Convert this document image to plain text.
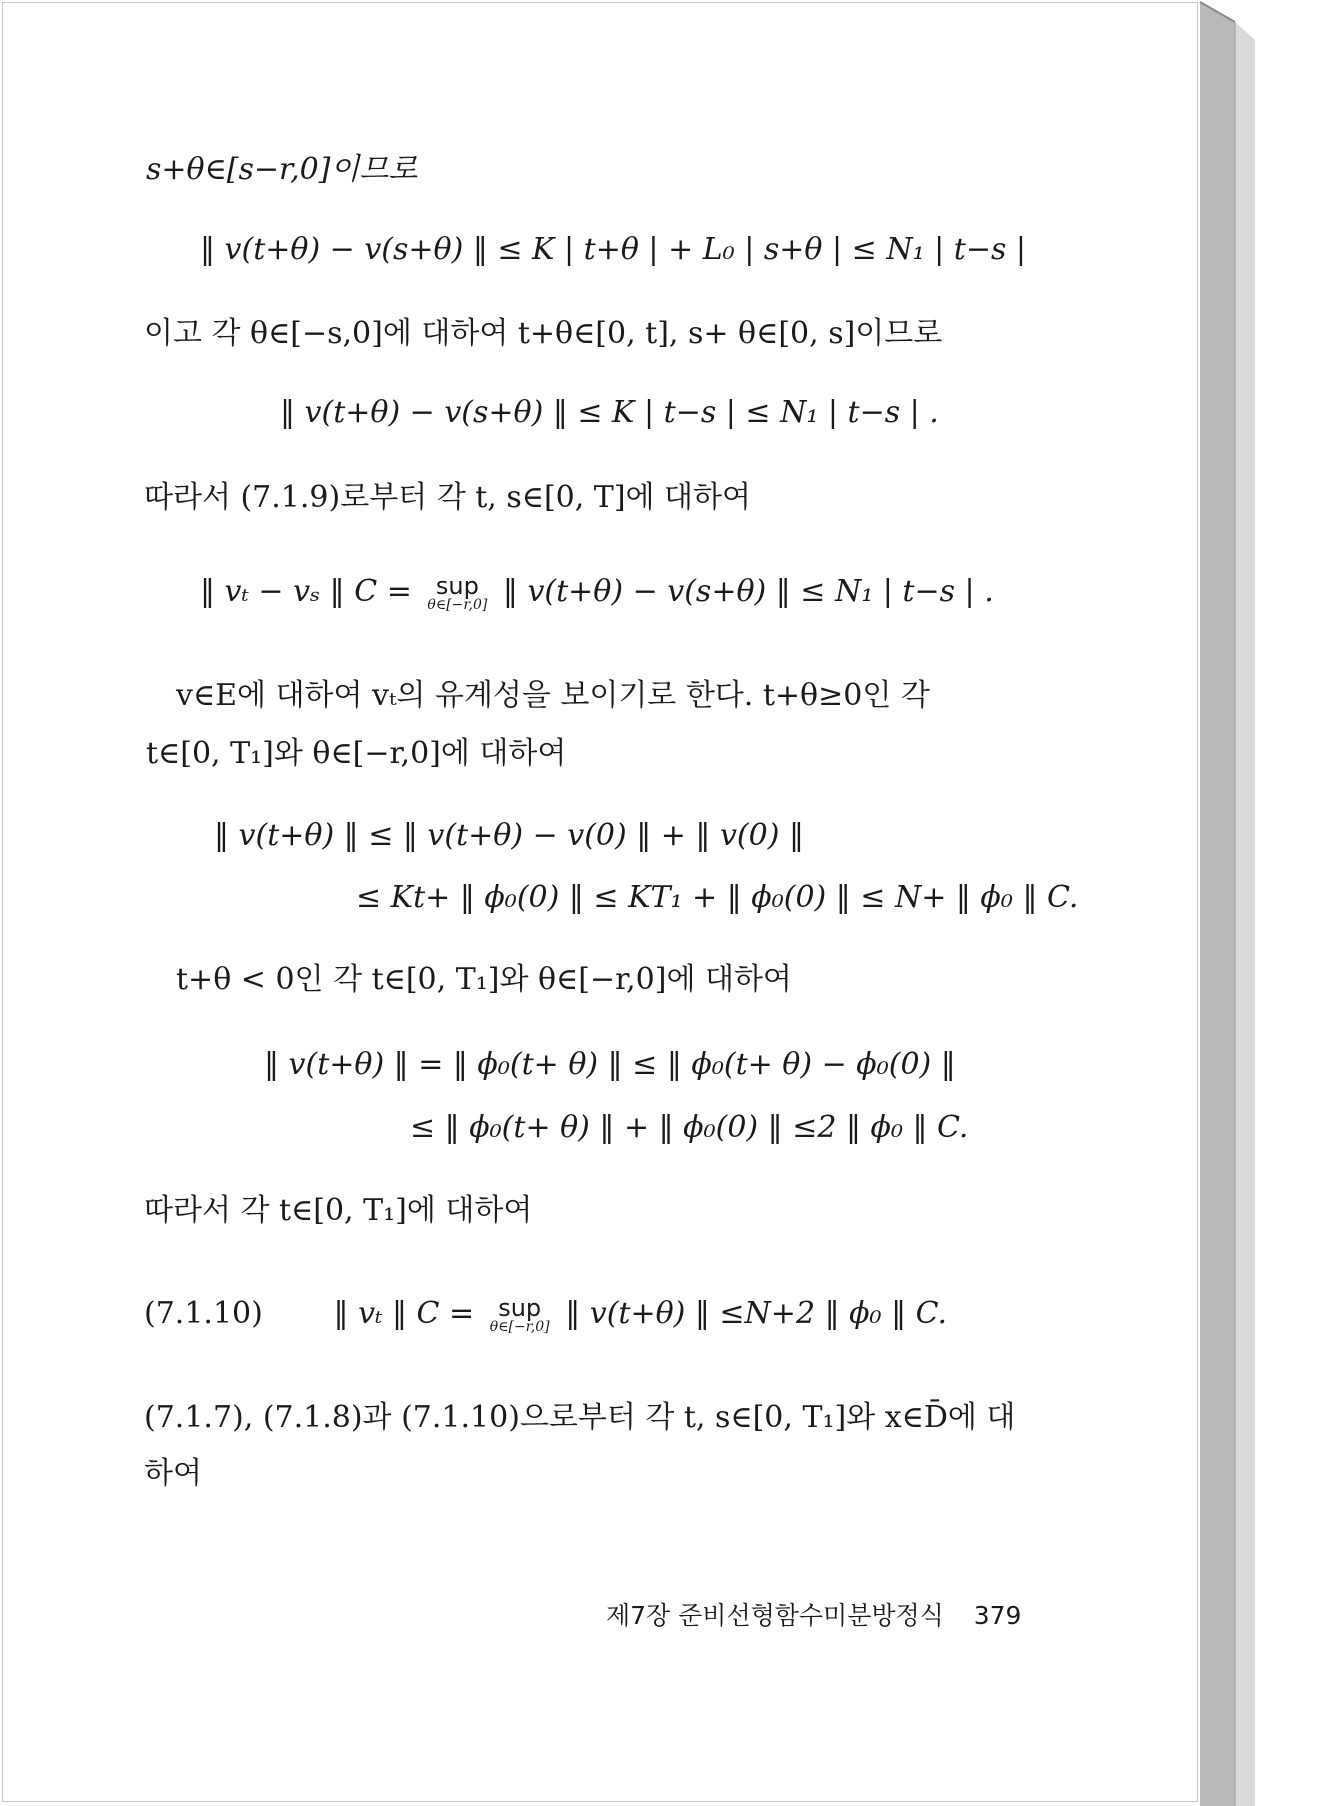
s+θ∈[s−r,0]이므로
‖ v(t+θ) − v(s+θ) ‖ ≤ K | t+θ | + L₀ | s+θ | ≤ N₁ | t−s |
이고 각 θ∈[−s,0]에 대하여 t+θ∈[0, t], s+ θ∈[0, s]이므로
‖ v(t+θ) − v(s+θ) ‖ ≤ K | t−s | ≤ N₁ | t−s | .
따라서 (7.1.9)로부터 각 t, s∈[0, T]에 대하여
‖ vₜ − vₛ ‖ C =	sup
θ∈[−r,0] ‖ v(t+θ) − v(s+θ) ‖ ≤ N₁ | t−s | .
v∈E에 대하여 vₜ의 유계성을 보이기로 한다. t+θ≥0인 각
t∈[0, T₁]와 θ∈[−r,0]에 대하여
‖ v(t+θ) ‖ ≤ ‖ v(t+θ) − v(0) ‖ + ‖ v(0) ‖
≤ Kt+ ‖ ϕ₀(0) ‖ ≤ KT₁ + ‖ ϕ₀(0) ‖ ≤ N+ ‖ ϕ₀ ‖ C.
t+θ < 0인 각 t∈[0, T₁]와 θ∈[−r,0]에 대하여
‖ v(t+θ) ‖ = ‖ ϕ₀(t+ θ) ‖ ≤ ‖ ϕ₀(t+ θ) − ϕ₀(0) ‖
≤ ‖ ϕ₀(t+ θ) ‖ + ‖ ϕ₀(0) ‖ ≤2 ‖ ϕ₀ ‖ C.
따라서 각 t∈[0, T₁]에 대하여
(7.1.10) ‖ vₜ ‖ C =	sup
θ∈[−r,0] ‖ v(t+θ) ‖ ≤N+2 ‖ ϕ₀ ‖ C.
(7.1.7), (7.1.8)과 (7.1.10)으로부터 각 t, s∈[0, T₁]와 x∈D̄에 대
하여
제7장 준비선형함수미분방정식 379
